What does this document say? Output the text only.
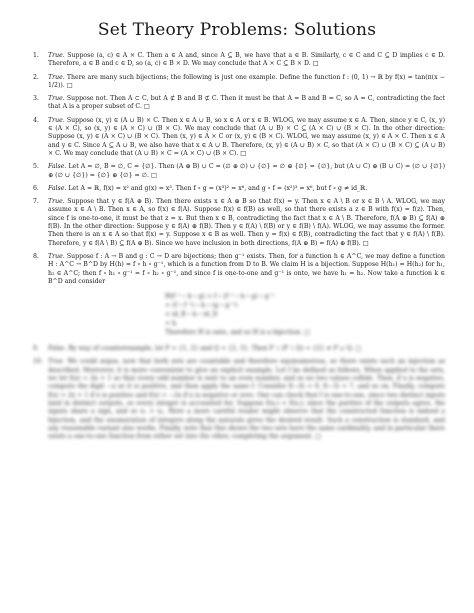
Set Theory Problems: Solutions
1. True. Suppose (a, c) ∈ A × C. Then a ∈ A and, since A ⊆ B, we have that a ∈ B. Similarly, c ∈ C and C ⊆ D implies c ∈ D. Therefore, a ∈ B and c ∈ D, so (a, c) ∈ B × D. We may conclude that A × C ⊆ B × D. □
2. True. There are many such bijections; the following is just one example. Define the function f : (0, 1) → ℝ by f(x) = tan(π(x − 1/2)). □
3. True. Suppose not. Then A ⊂ C, but A ⊄ B and B ⊄ C. Then it must be that A = B and B = C, so A = C, contradicting the fact that A is a proper subset of C. □
4. True. Suppose (x, y) ∈ (A ∪ B) × C. Then x ∈ A ∪ B, so x ∈ A or x ∈ B. WLOG, we may assume x ∈ A. Then, since y ∈ C, (x, y) ∈ (A × C), so (x, y) ∈ (A × C) ∪ (B × C). We may conclude that (A ∪ B) × C ⊆ (A × C) ∪ (B × C). In the other direction: Suppose (x, y) ∈ (A × C) ∪ (B × C). Then (x, y) ∈ A × C or (x, y) ∈ (B × C). WLOG, we may assume (x, y) ∈ A × C. Then x ∈ A and y ∈ C. Since A ⊆ A ∪ B, we also have that x ∈ A ∪ B. Therefore, (x, y) ∈ (A ∪ B) × C, so that (A × C) ∪ (B × C) ⊆ (A ∪ B) × C. We may conclude that (A ∪ B) × C = (A × C) ∪ (B × C). □
5. False. Let A = ∅, B = ∅, C = {∅}. Then (A ⊕ B) ∪ C = (∅ ⊕ ∅) ∪ {∅} = ∅ ⊕ {∅} = {∅}, but (A ∪ C) ⊕ (B ∪ C) = (∅ ∪ {∅}) ⊕ (∅ ∪ {∅}) = {∅} ⊕ {∅} = ∅. □
6. False. Let A = ℝ, f(x) = x² and g(x) = x³. Then f ∘ g = (x³)² = x⁶, and g ∘ f = (x²)³ = x⁶, but f ∘ g ≠ id_ℝ.
7. True. Suppose that y ∈ f(A ⊕ B). Then there exists x ∈ A ⊕ B so that f(x) = y. Then x ∈ A \ B or x ∈ B \ A. WLOG, we may assume x ∈ A \ B. Then x ∈ A, so f(x) ∈ f(A). Suppose f(x) ∈ f(B) as well, so that there exists a z ∈ B with f(x) = f(z). Then, since f is one-to-one, it must be that z = x. But then x ∈ B, contradicting the fact that x ∈ A \ B. Therefore, f(A ⊕ B) ⊆ f(A) ⊕ f(B). In the other direction: Suppose y ∈ f(A) ⊕ f(B). Then y ∈ f(A) \ f(B) or y ∈ f(B) \ f(A). WLOG, we may assume the former. Then there is an x ∈ A so that f(x) = y. Suppose x ∈ B as well. Then y = f(x) ∈ f(B), contradicting the fact that y ∈ f(A) \ f(B). Therefore, y ∈ f(A \ B) ⊆ f(A ⊕ B). Since we have inclusion in both directions, f(A ⊕ B) = f(A) ⊕ f(B). □
8. True. Suppose f : A → B and g : C → D are bijections; then g⁻¹ exists. Then, for a function h ∈ A^C, we may define a function H : A^C → B^D by H(h) = f ∘ h ∘ g⁻¹, which is a function from D to B. We claim H is a bijection. Suppose H(h₁) = H(h₂) for h₁, h₂ ∈ A^C; then f ∘ h₁ ∘ g⁻¹ = f ∘ h₂ ∘ g⁻¹, and since f is one-to-one and g⁻¹ is onto, we have h₁ = h₂. Now take a function k ∈ B^D and consider
H(f⁻¹ ∘ k ∘ g) = f ∘ (f⁻¹ ∘ k ∘ g) ∘ g⁻¹
= (f ∘ f⁻¹) ∘ k ∘ (g ∘ g⁻¹)
= id_B ∘ k ∘ id_D
= k.
Therefore H is onto, and so H is a bijection. □
9. False. By way of counterexample, let P = {1, 2} and Q = {2, 3}. Then P ∖ (P ∖ Q) = {2} ≠ P ∪ Q. □
10. True. We could argue, now that both sets are countable and therefore equinumerous, so there exists such an injection as described. Moreover, it is more convenient to give an explicit example. Let f be defined as follows. When applied to the sets, we let f(n) = 2n + 1 so that every odd number is sent to an even number, and so no two values collide. Then, if x is negative, compute the digit −x so it is positive, and then apply the same f. Consider f(−4) = 9, f(−3) = 7, and so on. Finally, compute f(x) = 2x + 1 if x is positive and f(x) = −2x if x is negative or zero. One can check that f is one-to-one, since two distinct inputs land in distinct outputs, so every integer is accounted for. Suppose f(x₁) = f(x₂); since the parities of the outputs agree, the inputs share a sign, and so x₁ = x₂. Here a more careful reader might observe that the constructed function is indeed a bijection, and the enumeration of integers along the naturals gives the desired result. Such a construction is standard, and any reasonable variant also works. Finally, note that this shows the two sets have the same cardinality, and in particular there exists a one-to-one function from either set into the other, completing the argument. □
